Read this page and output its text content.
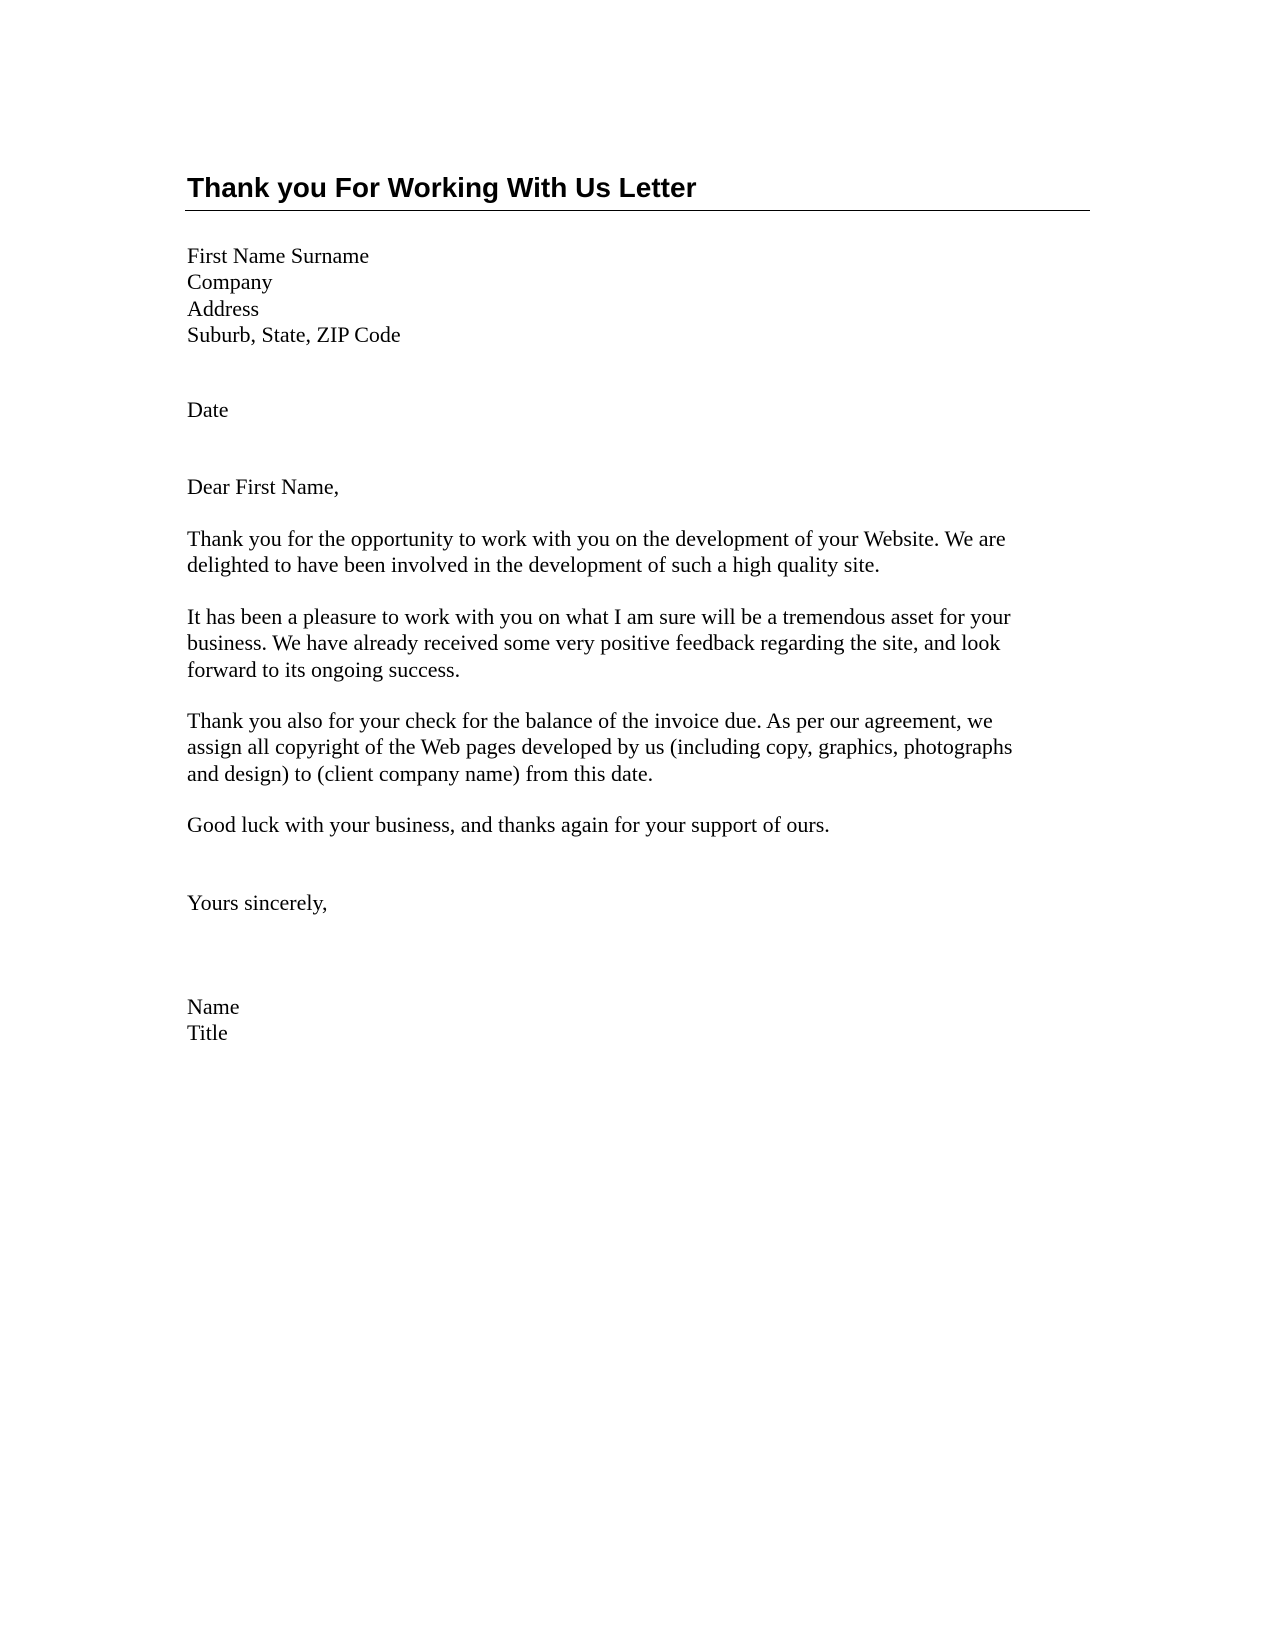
Thank you For Working With Us Letter
First Name Surname
Company
Address
Suburb, State, ZIP Code
Date
Dear First Name,
Thank you for the opportunity to work with you on the development of your Website. We are
delighted to have been involved in the development of such a high quality site.
It has been a pleasure to work with you on what I am sure will be a tremendous asset for your
business. We have already received some very positive feedback regarding the site, and look
forward to its ongoing success.
Thank you also for your check for the balance of the invoice due. As per our agreement, we
assign all copyright of the Web pages developed by us (including copy, graphics, photographs
and design) to (client company name) from this date.
Good luck with your business, and thanks again for your support of ours.
Yours sincerely,
Name
Title
